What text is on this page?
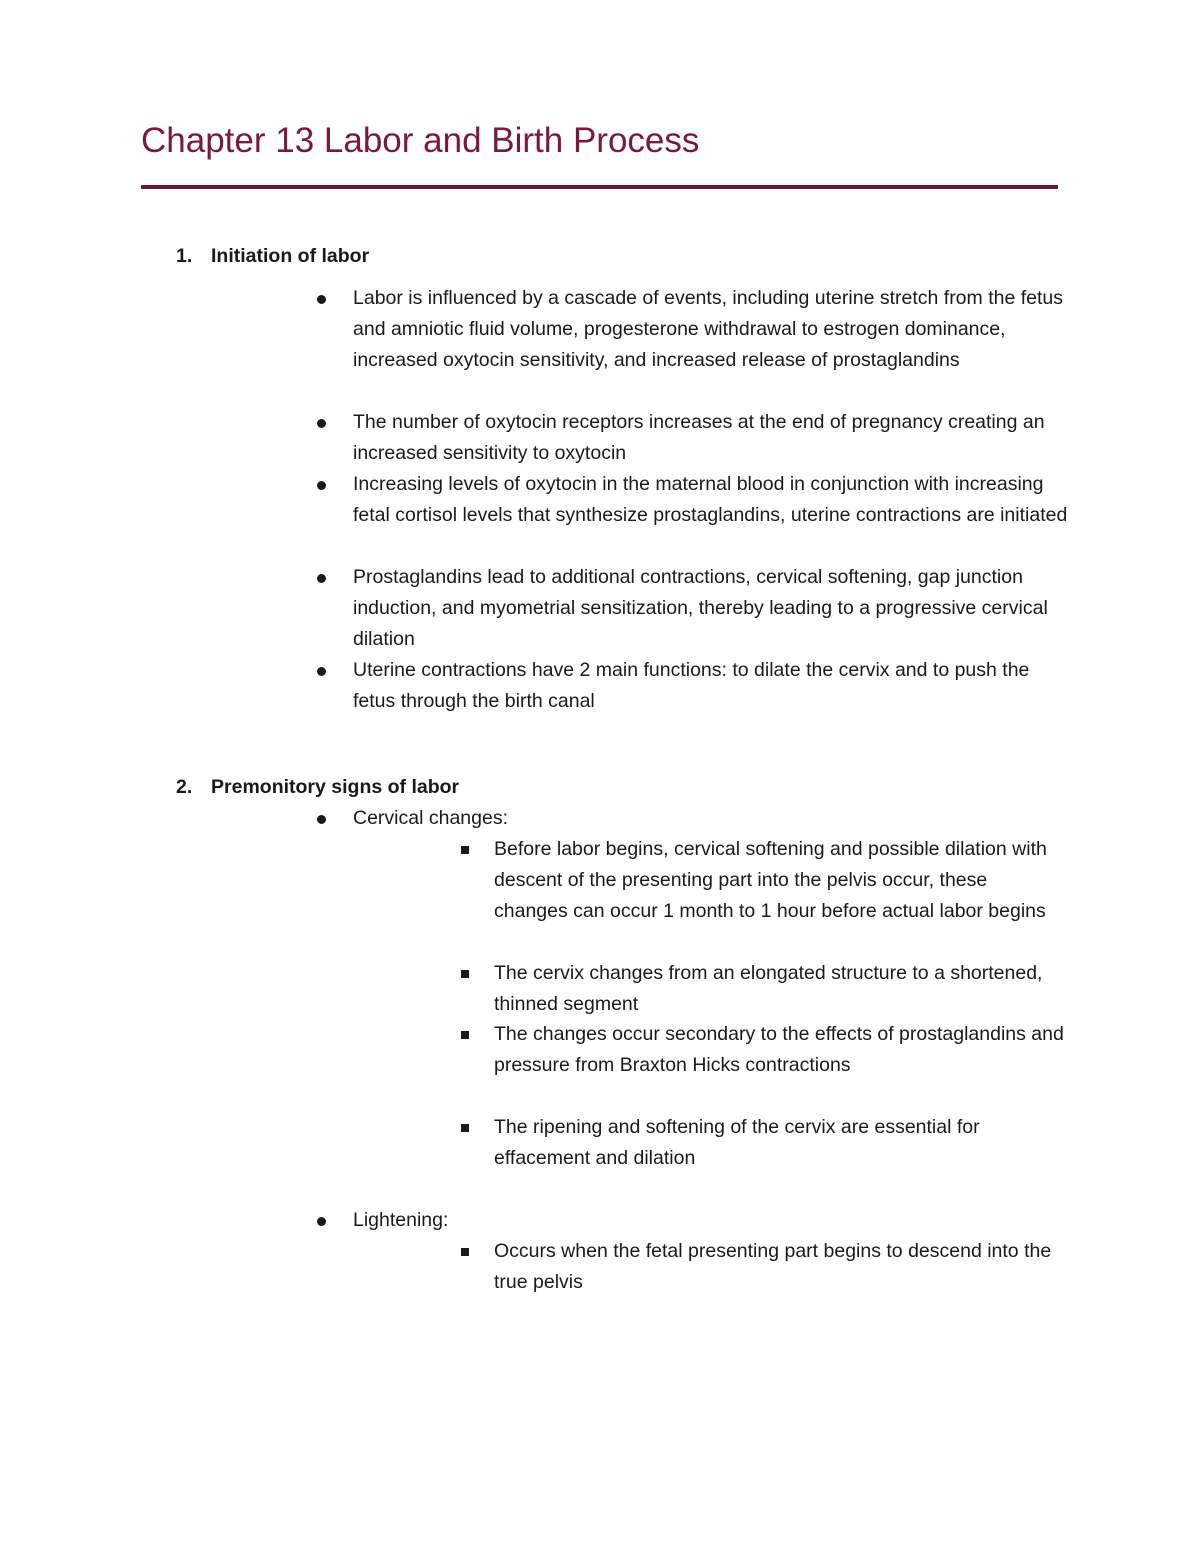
Chapter 13 Labor and Birth Process
1. Initiation of labor
Labor is influenced by a cascade of events, including uterine stretch from the fetus and amniotic fluid volume, progesterone withdrawal to estrogen dominance, increased oxytocin sensitivity, and increased release of prostaglandins
The number of oxytocin receptors increases at the end of pregnancy creating an increased sensitivity to oxytocin
Increasing levels of oxytocin in the maternal blood in conjunction with increasing fetal cortisol levels that synthesize prostaglandins, uterine contractions are initiated
Prostaglandins lead to additional contractions, cervical softening, gap junction induction, and myometrial sensitization, thereby leading to a progressive cervical dilation
Uterine contractions have 2 main functions: to dilate the cervix and to push the fetus through the birth canal
2. Premonitory signs of labor
Cervical changes:
Before labor begins, cervical softening and possible dilation with descent of the presenting part into the pelvis occur, these changes can occur 1 month to 1 hour before actual labor begins
The cervix changes from an elongated structure to a shortened, thinned segment
The changes occur secondary to the effects of prostaglandins and pressure from Braxton Hicks contractions
The ripening and softening of the cervix are essential for effacement and dilation
Lightening:
Occurs when the fetal presenting part begins to descend into the true pelvis
